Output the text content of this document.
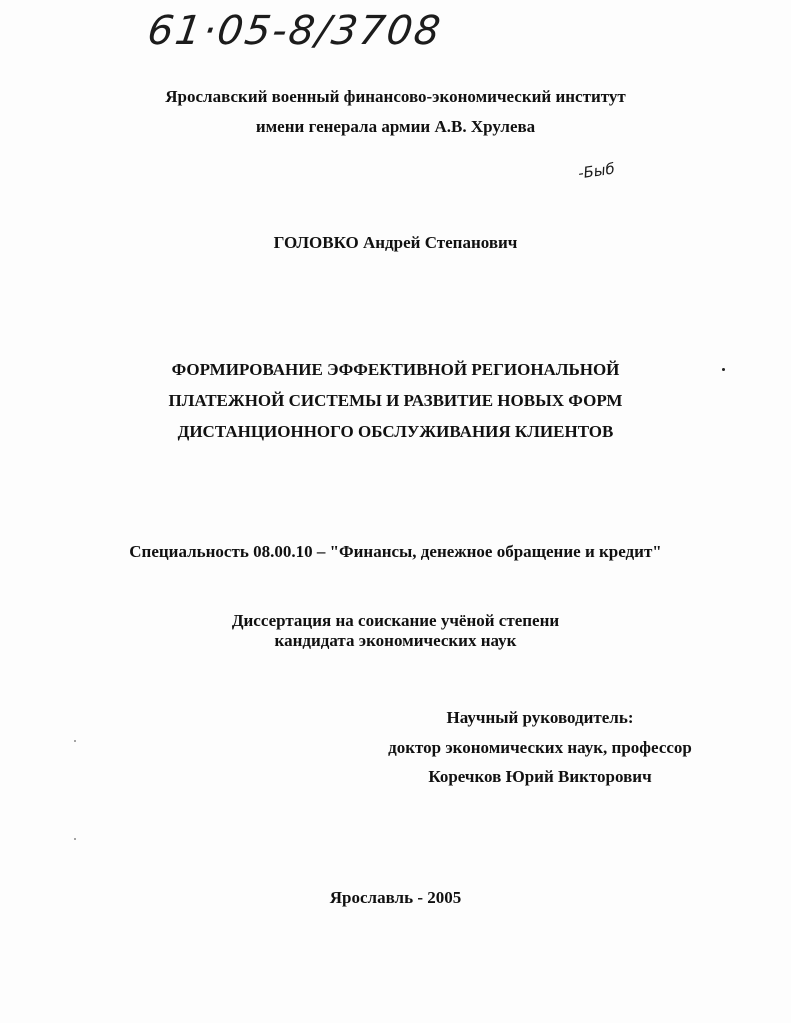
61·05-8/3708
-Быб
Ярославский военный финансово-экономический институт
имени генерала армии А.В. Хрулева
ГОЛОВКО Андрей Степанович
ФОРМИРОВАНИЕ ЭФФЕКТИВНОЙ РЕГИОНАЛЬНОЙ
ПЛАТЕЖНОЙ СИСТЕМЫ И РАЗВИТИЕ НОВЫХ ФОРМ
ДИСТАНЦИОННОГО ОБСЛУЖИВАНИЯ КЛИЕНТОВ
Специальность 08.00.10 – "Финансы, денежное обращение и кредит"
Диссертация на соискание учёной степени
кандидата экономических наук
Научный руководитель:
доктор экономических наук, профессор
Коречков Юрий Викторович
Ярославль - 2005
